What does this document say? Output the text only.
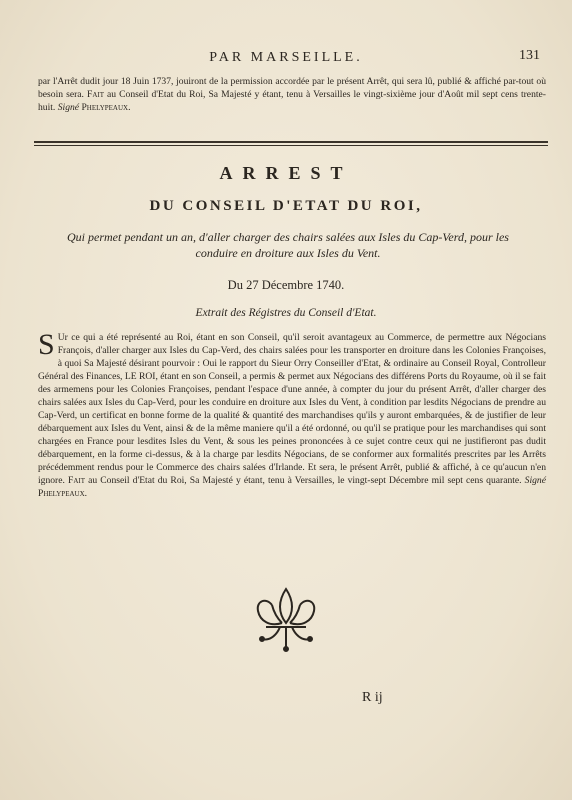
PAR MARSEILLE.	131
par l'Arrêt dudit jour 18 Juin 1737, jouiront de la permission accordée par le présent Arrêt, qui sera lû, publié & affiché par-tout où besoin sera. Fait au Conseil d'Etat du Roi, Sa Majesté y étant, tenu à Versailles le vingt-sixième jour d'Août mil sept cens trente-huit. Signé Phelypeaux.
ARREST
DU CONSEIL D'ETAT DU ROI,
Qui permet pendant un an, d'aller charger des chairs salées aux Isles du Cap-Verd, pour les conduire en droiture aux Isles du Vent.
Du 27 Décembre 1740.
Extrait des Régistres du Conseil d'Etat.
S Ur ce qui a été représenté au Roi, étant en son Conseil, qu'il seroit avantageux au Commerce, de permettre aux Négocians François, d'aller charger aux Isles du Cap-Verd, des chairs salées pour les transporter en droiture dans les Colonies Françoises, à quoi Sa Majesté désirant pourvoir : Oui le rapport du Sieur Orry Conseiller d'Etat, & ordinaire au Conseil Royal, Controlleur Général des Finances, LE ROI, étant en son Conseil, a permis & permet aux Négocians des différens Ports du Royaume, où il se fait des armemens pour les Colonies Françoises, pendant l'espace d'une année, à compter du jour du présent Arrêt, d'aller charger des chairs salées aux Isles du Cap-Verd, pour les conduire en droiture aux Isles du Vent, à condition par lesdits Négocians de prendre au Cap-Verd, un certificat en bonne forme de la qualité & quantité des marchandises qu'ils y auront embarquées, & de justifier de leur débarquement aux Isles du Vent, ainsi & de la même maniere qu'il a été ordonné, ou qu'il se pratique pour les marchandises qui sont chargées en France pour lesdites Isles du Vent, & sous les peines prononcées à ce sujet contre ceux qui ne justifieront pas dudit débarquement, en la forme ci-dessus, & à la charge par lesdits Négocians, de se conformer aux formalités prescrites par les Arrêts précédemment rendus pour le Commerce des chairs salées d'Irlande. Et sera, le présent Arrêt, publié & affiché, à ce qu'aucun n'en ignore. Fait au Conseil d'Etat du Roi, Sa Majesté y étant, tenu à Versailles, le vingt-sept Décembre mil sept cens quarante. Signé Phelypeaux.
R ij
